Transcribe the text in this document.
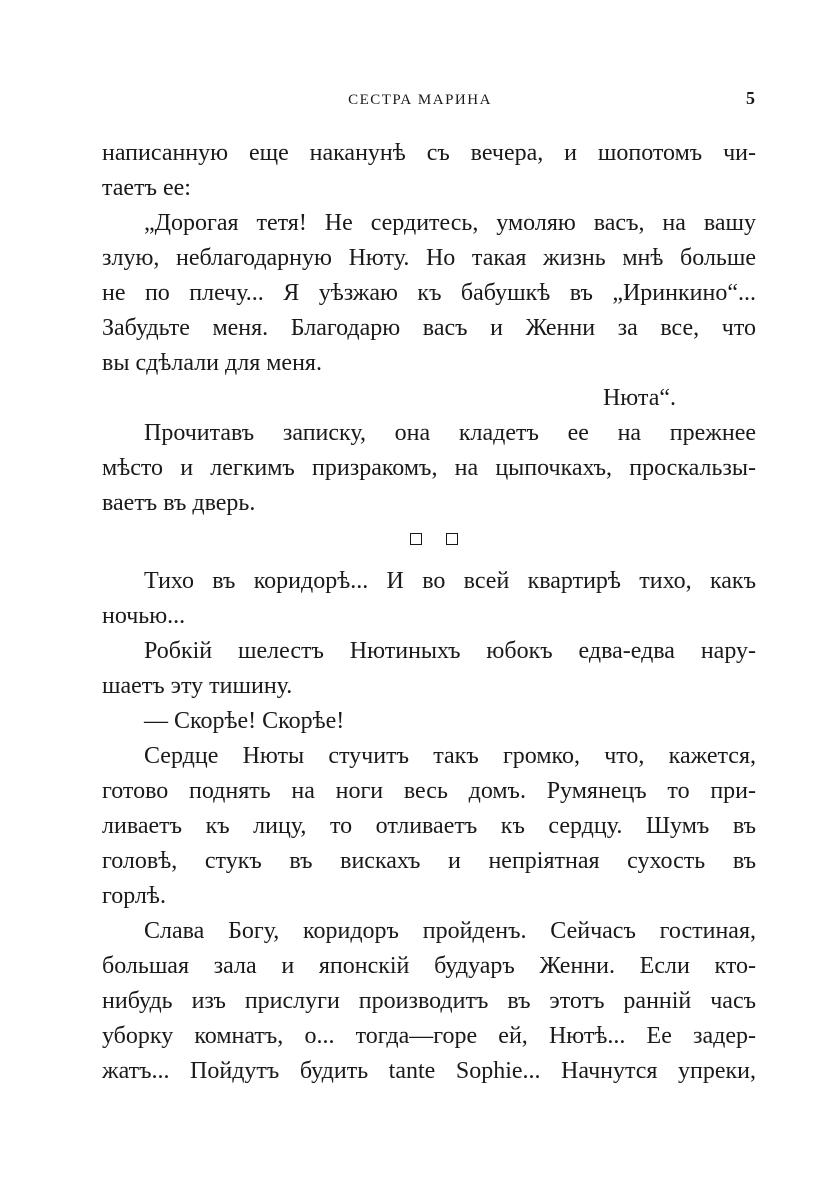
СЕСТРА МАРИНА	5
написанную еще наканунѣ съ вечера, и шопотомъ чи-
таетъ ее:
„Дорогая тетя! Не сердитесь, умоляю васъ, на вашу
злую, неблагодарную Нюту. Но такая жизнь мнѣ больше
не по плечу... Я уѣзжаю къ бабушкѣ въ „Иринкино“...
Забудьте меня. Благодарю васъ и Женни за все, что
вы сдѣлали для меня.
Нюта“.
Прочитавъ записку, она кладетъ ее на прежнее
мѣсто и легкимъ призракомъ, на цыпочкахъ, проскальзы-
ваетъ въ дверь.
Тихо въ коридорѣ... И во всей квартирѣ тихо, какъ
ночью...
Робкій шелестъ Нютиныхъ юбокъ едва-едва нару-
шаетъ эту тишину.
— Скорѣе! Скорѣе!
Сердце Нюты стучитъ такъ громко, что, кажется,
готово поднять на ноги весь домъ. Румянецъ то при-
ливаетъ къ лицу, то отливаетъ къ сердцу. Шумъ въ
головѣ, стукъ въ вискахъ и непріятная сухость въ
горлѣ.
Слава Богу, коридоръ пройденъ. Сейчасъ гостиная,
большая зала и японскій будуаръ Женни. Если кто-
нибудь изъ прислуги производитъ въ этотъ ранній часъ
уборку комнатъ, о... тогда—горе ей, Нютѣ... Ее задер-
жатъ... Пойдутъ будить tante Sophie... Начнутся упреки,
